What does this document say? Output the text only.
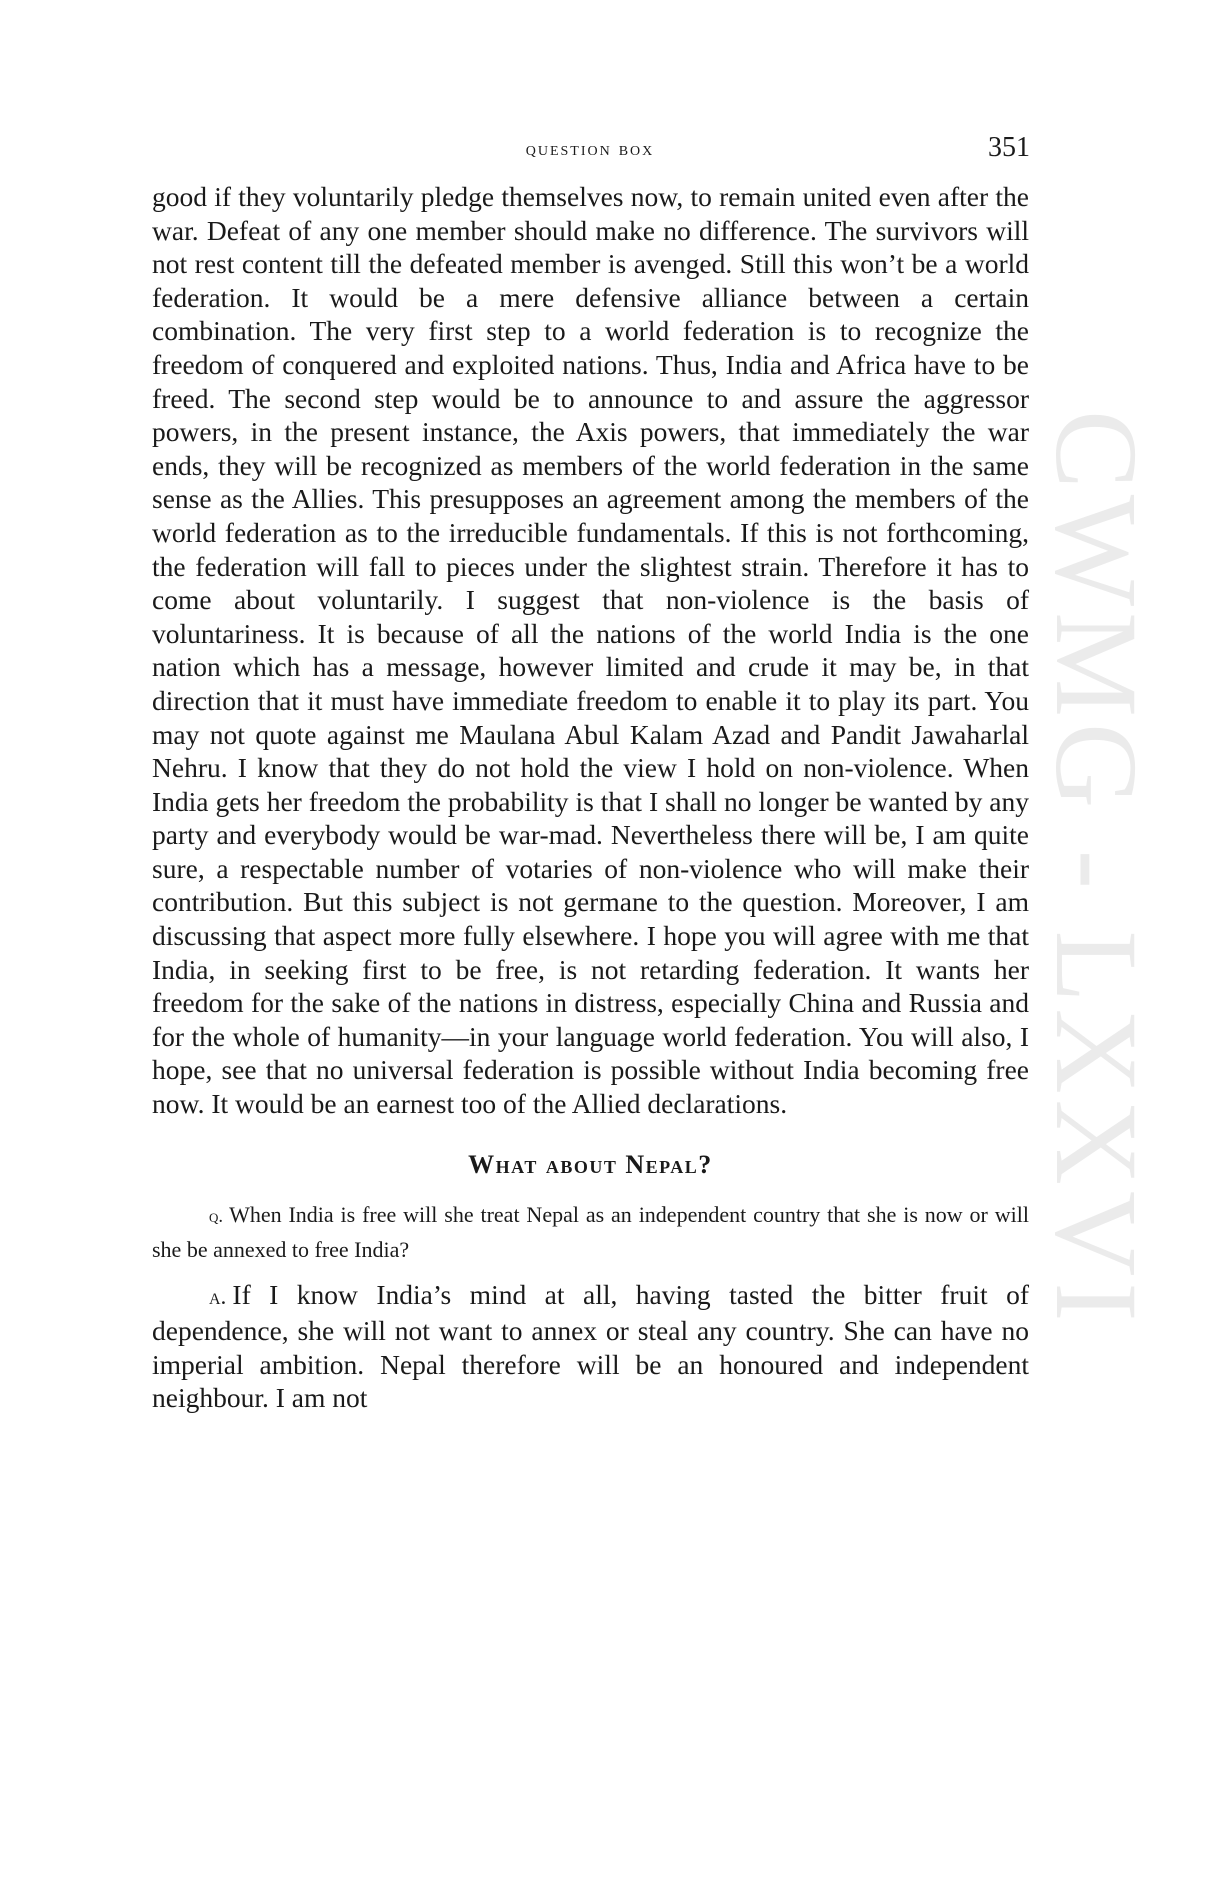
CWMG - LXXVI
question box	351

good if they voluntarily pledge themselves now, to remain united even after the war. Defeat of any one member should make no difference. The survivors will not rest content till the defeated member is avenged. Still this won’t be a world federation. It would be a mere defensive alliance between a certain combination. The very first step to a world federation is to recognize the freedom of conquered and exploited nations. Thus, India and Africa have to be freed. The second step would be to announce to and assure the aggressor powers, in the present instance, the Axis powers, that immediately the war ends, they will be recognized as members of the world federation in the same sense as the Allies. This presupposes an agreement among the members of the world federation as to the irreducible fundamentals. If this is not forthcoming, the federation will fall to pieces under the slightest strain. Therefore it has to come about voluntarily. I suggest that non-violence is the basis of voluntariness. It is because of all the nations of the world India is the one nation which has a message, however limited and crude it may be, in that direction that it must have immediate freedom to enable it to play its part. You may not quote against me Maulana Abul Kalam Azad and Pandit Jawaharlal Nehru. I know that they do not hold the view I hold on non-violence. When India gets her freedom the probability is that I shall no longer be wanted by any party and everybody would be war-mad. Nevertheless there will be, I am quite sure, a respectable number of votaries of non-violence who will make their contribution. But this subject is not germane to the question. Moreover, I am discussing that aspect more fully elsewhere. I hope you will agree with me that India, in seeking first to be free, is not retarding federation. It wants her freedom for the sake of the nations in distress, especially China and Russia and for the whole of humanity—in your language world federation. You will also, I hope, see that no universal federation is possible without India becoming free now. It would be an earnest too of the Allied declarations.

What about Nepal?

q. When India is free will she treat Nepal as an independent country that she is now or will she be annexed to free India?

a. If I know India’s mind at all, having tasted the bitter fruit of dependence, she will not want to annex or steal any country. She can have no imperial ambition. Nepal therefore will be an honoured and independent neighbour. I am not
